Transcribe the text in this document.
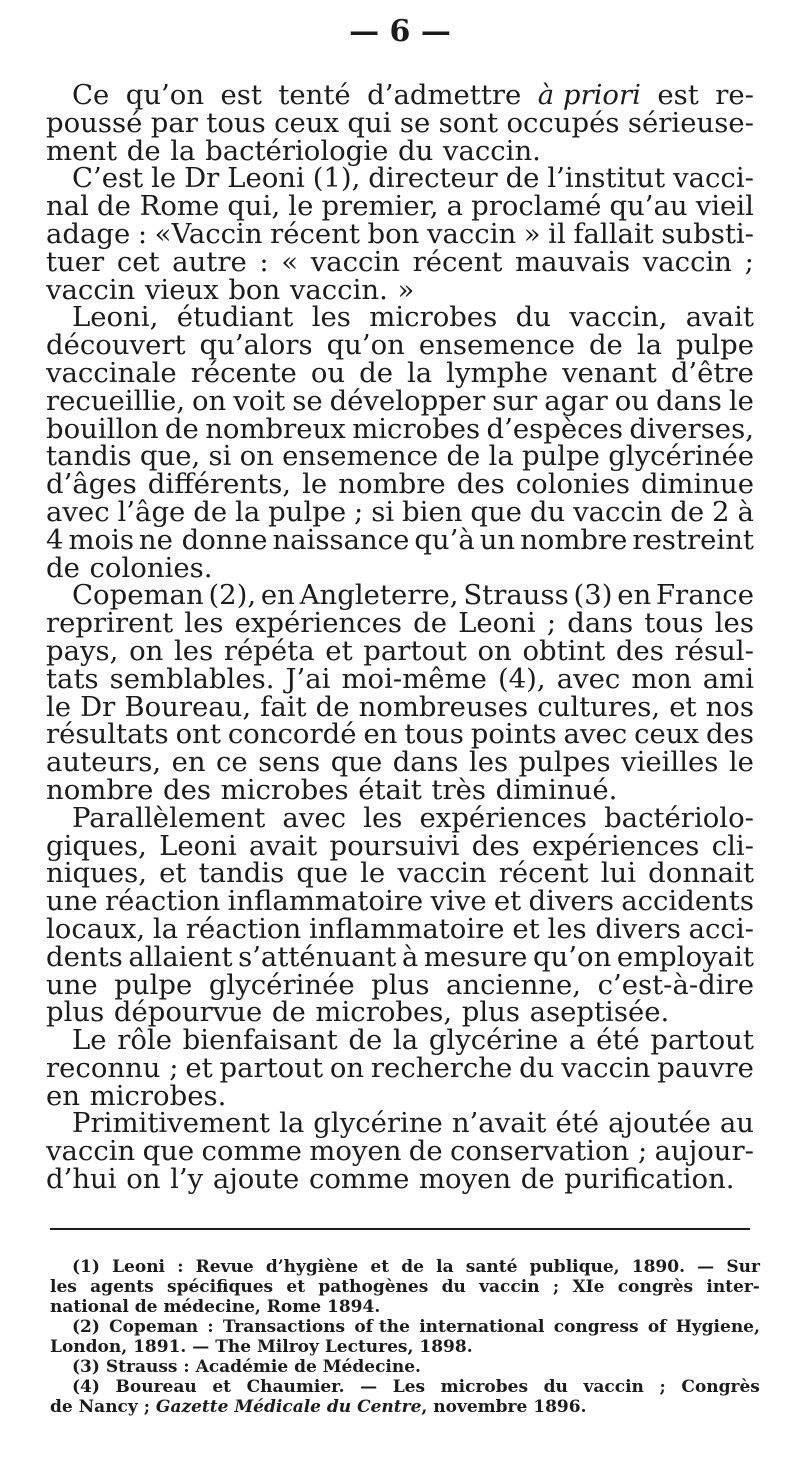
— 6 —
Ce qu’on est tenté d’admettre à priori est re-
poussé par tous ceux qui se sont occupés sérieuse-
ment de la bactériologie du vaccin.
C’est le Dr Leoni (1), directeur de l’institut vacci-
nal de Rome qui, le premier, a proclamé qu’au vieil
adage : «Vaccin récent bon vaccin » il fallait substi-
tuer cet autre : « vaccin récent mauvais vaccin ;
vaccin vieux bon vaccin. »
Leoni, étudiant les microbes du vaccin, avait
découvert qu’alors qu’on ensemence de la pulpe
vaccinale récente ou de la lymphe venant d’être
recueillie, on voit se développer sur agar ou dans le
bouillon de nombreux microbes d’espèces diverses,
tandis que, si on ensemence de la pulpe glycérinée
d’âges différents, le nombre des colonies diminue
avec l’âge de la pulpe ; si bien que du vaccin de 2 à
4 mois ne donne naissance qu’à un nombre restreint
de colonies.
Copeman (2), en Angleterre, Strauss (3) en France
reprirent les expériences de Leoni ; dans tous les
pays, on les répéta et partout on obtint des résul-
tats semblables. J’ai moi-même (4), avec mon ami
le Dr Boureau, fait de nombreuses cultures, et nos
résultats ont concordé en tous points avec ceux des
auteurs, en ce sens que dans les pulpes vieilles le
nombre des microbes était très diminué.
Parallèlement avec les expériences bactériolo-
giques, Leoni avait poursuivi des expériences cli-
niques, et tandis que le vaccin récent lui donnait
une réaction inflammatoire vive et divers accidents
locaux, la réaction inflammatoire et les divers acci-
dents allaient s’atténuant à mesure qu’on employait
une pulpe glycérinée plus ancienne, c’est-à-dire
plus dépourvue de microbes, plus aseptisée.
Le rôle bienfaisant de la glycérine a été partout
reconnu ; et partout on recherche du vaccin pauvre
en microbes.
Primitivement la glycérine n’avait été ajoutée au
vaccin que comme moyen de conservation ; aujour-
d’hui on l’y ajoute comme moyen de purification.
(1) Leoni : Revue d’hygiène et de la santé publique, 1890. — Sur
les agents spécifiques et pathogènes du vaccin ; XIe congrès inter-
national de médecine, Rome 1894.
(2) Copeman : Transactions of the international congress of Hygiene,
London, 1891. — The Milroy Lectures, 1898.
(3) Strauss : Académie de Médecine.
(4) Boureau et Chaumier. — Les microbes du vaccin ; Congrès
de Nancy ; Gazette Médicale du Centre, novembre 1896.
